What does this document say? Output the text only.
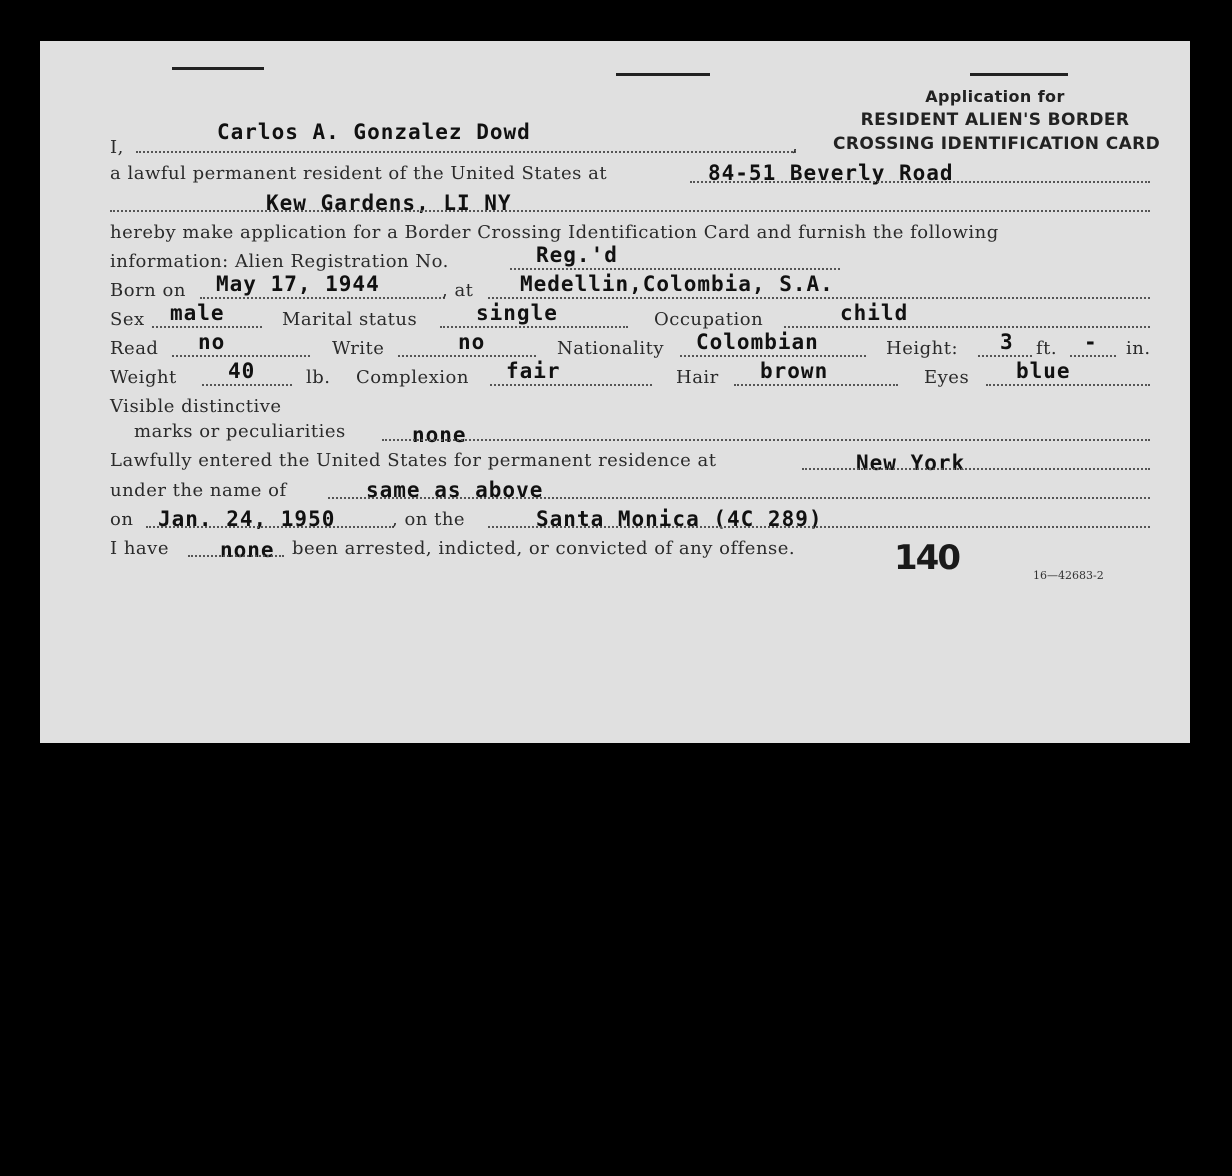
Application for
RESIDENT ALIEN'S BORDER
CROSSING IDENTIFICATION CARD
I,
Carlos A. Gonzalez Dowd
,
a lawful permanent resident of the United States at	84-51 Beverly Road
Kew Gardens, LI NY
hereby make application for a Border Crossing Identification Card and furnish the following
information: Alien Registration No.	Reg.'d
Born on May 17, 1944	, at Medellin,Colombia, S.A.
Sex male	Marital status	single	Occupation	child
Read no	Write	no	Nationality Colombian	Height: 3 ft. - in.
Weight 40	lb. Complexion fair	Hair brown	Eyes blue
Visible distinctive
marks or peculiarities	none
Lawfully entered the United States for permanent residence at	New York
under the name of	same as above
on Jan. 24, 1950	, on the	Santa Monica (4C 289)
I have none been arrested, indicted, or convicted of any offense.	140	16—42683-2
